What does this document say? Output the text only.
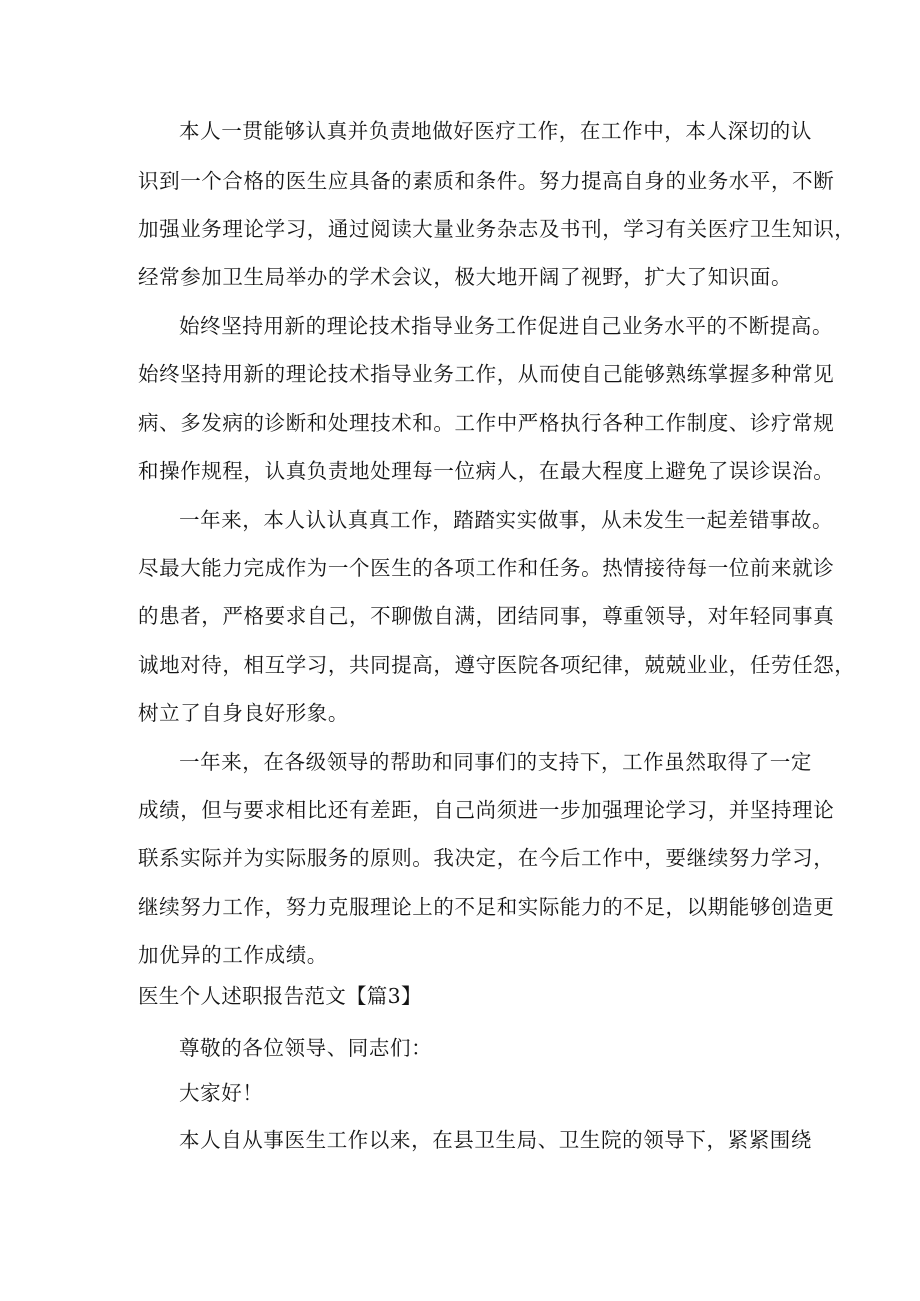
本人一贯能够认真并负责地做好医疗工作，在工作中，本人深切的认
识到一个合格的医生应具备的素质和条件。努力提高自身的业务水平，不断
加强业务理论学习，通过阅读大量业务杂志及书刊，学习有关医疗卫生知识，
经常参加卫生局举办的学术会议，极大地开阔了视野，扩大了知识面。
始终坚持用新的理论技术指导业务工作促进自己业务水平的不断提高。
始终坚持用新的理论技术指导业务工作，从而使自己能够熟练掌握多种常见
病、多发病的诊断和处理技术和。工作中严格执行各种工作制度、诊疗常规
和操作规程，认真负责地处理每一位病人，在最大程度上避免了误诊误治。
一年来，本人认认真真工作，踏踏实实做事，从未发生一起差错事故。
尽最大能力完成作为一个医生的各项工作和任务。热情接待每一位前来就诊
的患者，严格要求自己，不聊傲自满，团结同事，尊重领导，对年轻同事真
诚地对待，相互学习，共同提高，遵守医院各项纪律，兢兢业业，任劳任怨，
树立了自身良好形象。
一年来，在各级领导的帮助和同事们的支持下，工作虽然取得了一定
成绩，但与要求相比还有差距，自己尚须进一步加强理论学习，并坚持理论
联系实际并为实际服务的原则。我决定，在今后工作中，要继续努力学习，
继续努力工作，努力克服理论上的不足和实际能力的不足，以期能够创造更
加优异的工作成绩。
医生个人述职报告范文【篇3】
尊敬的各位领导、同志们：
大家好！
本人自从事医生工作以来，在县卫生局、卫生院的领导下，紧紧围绕
